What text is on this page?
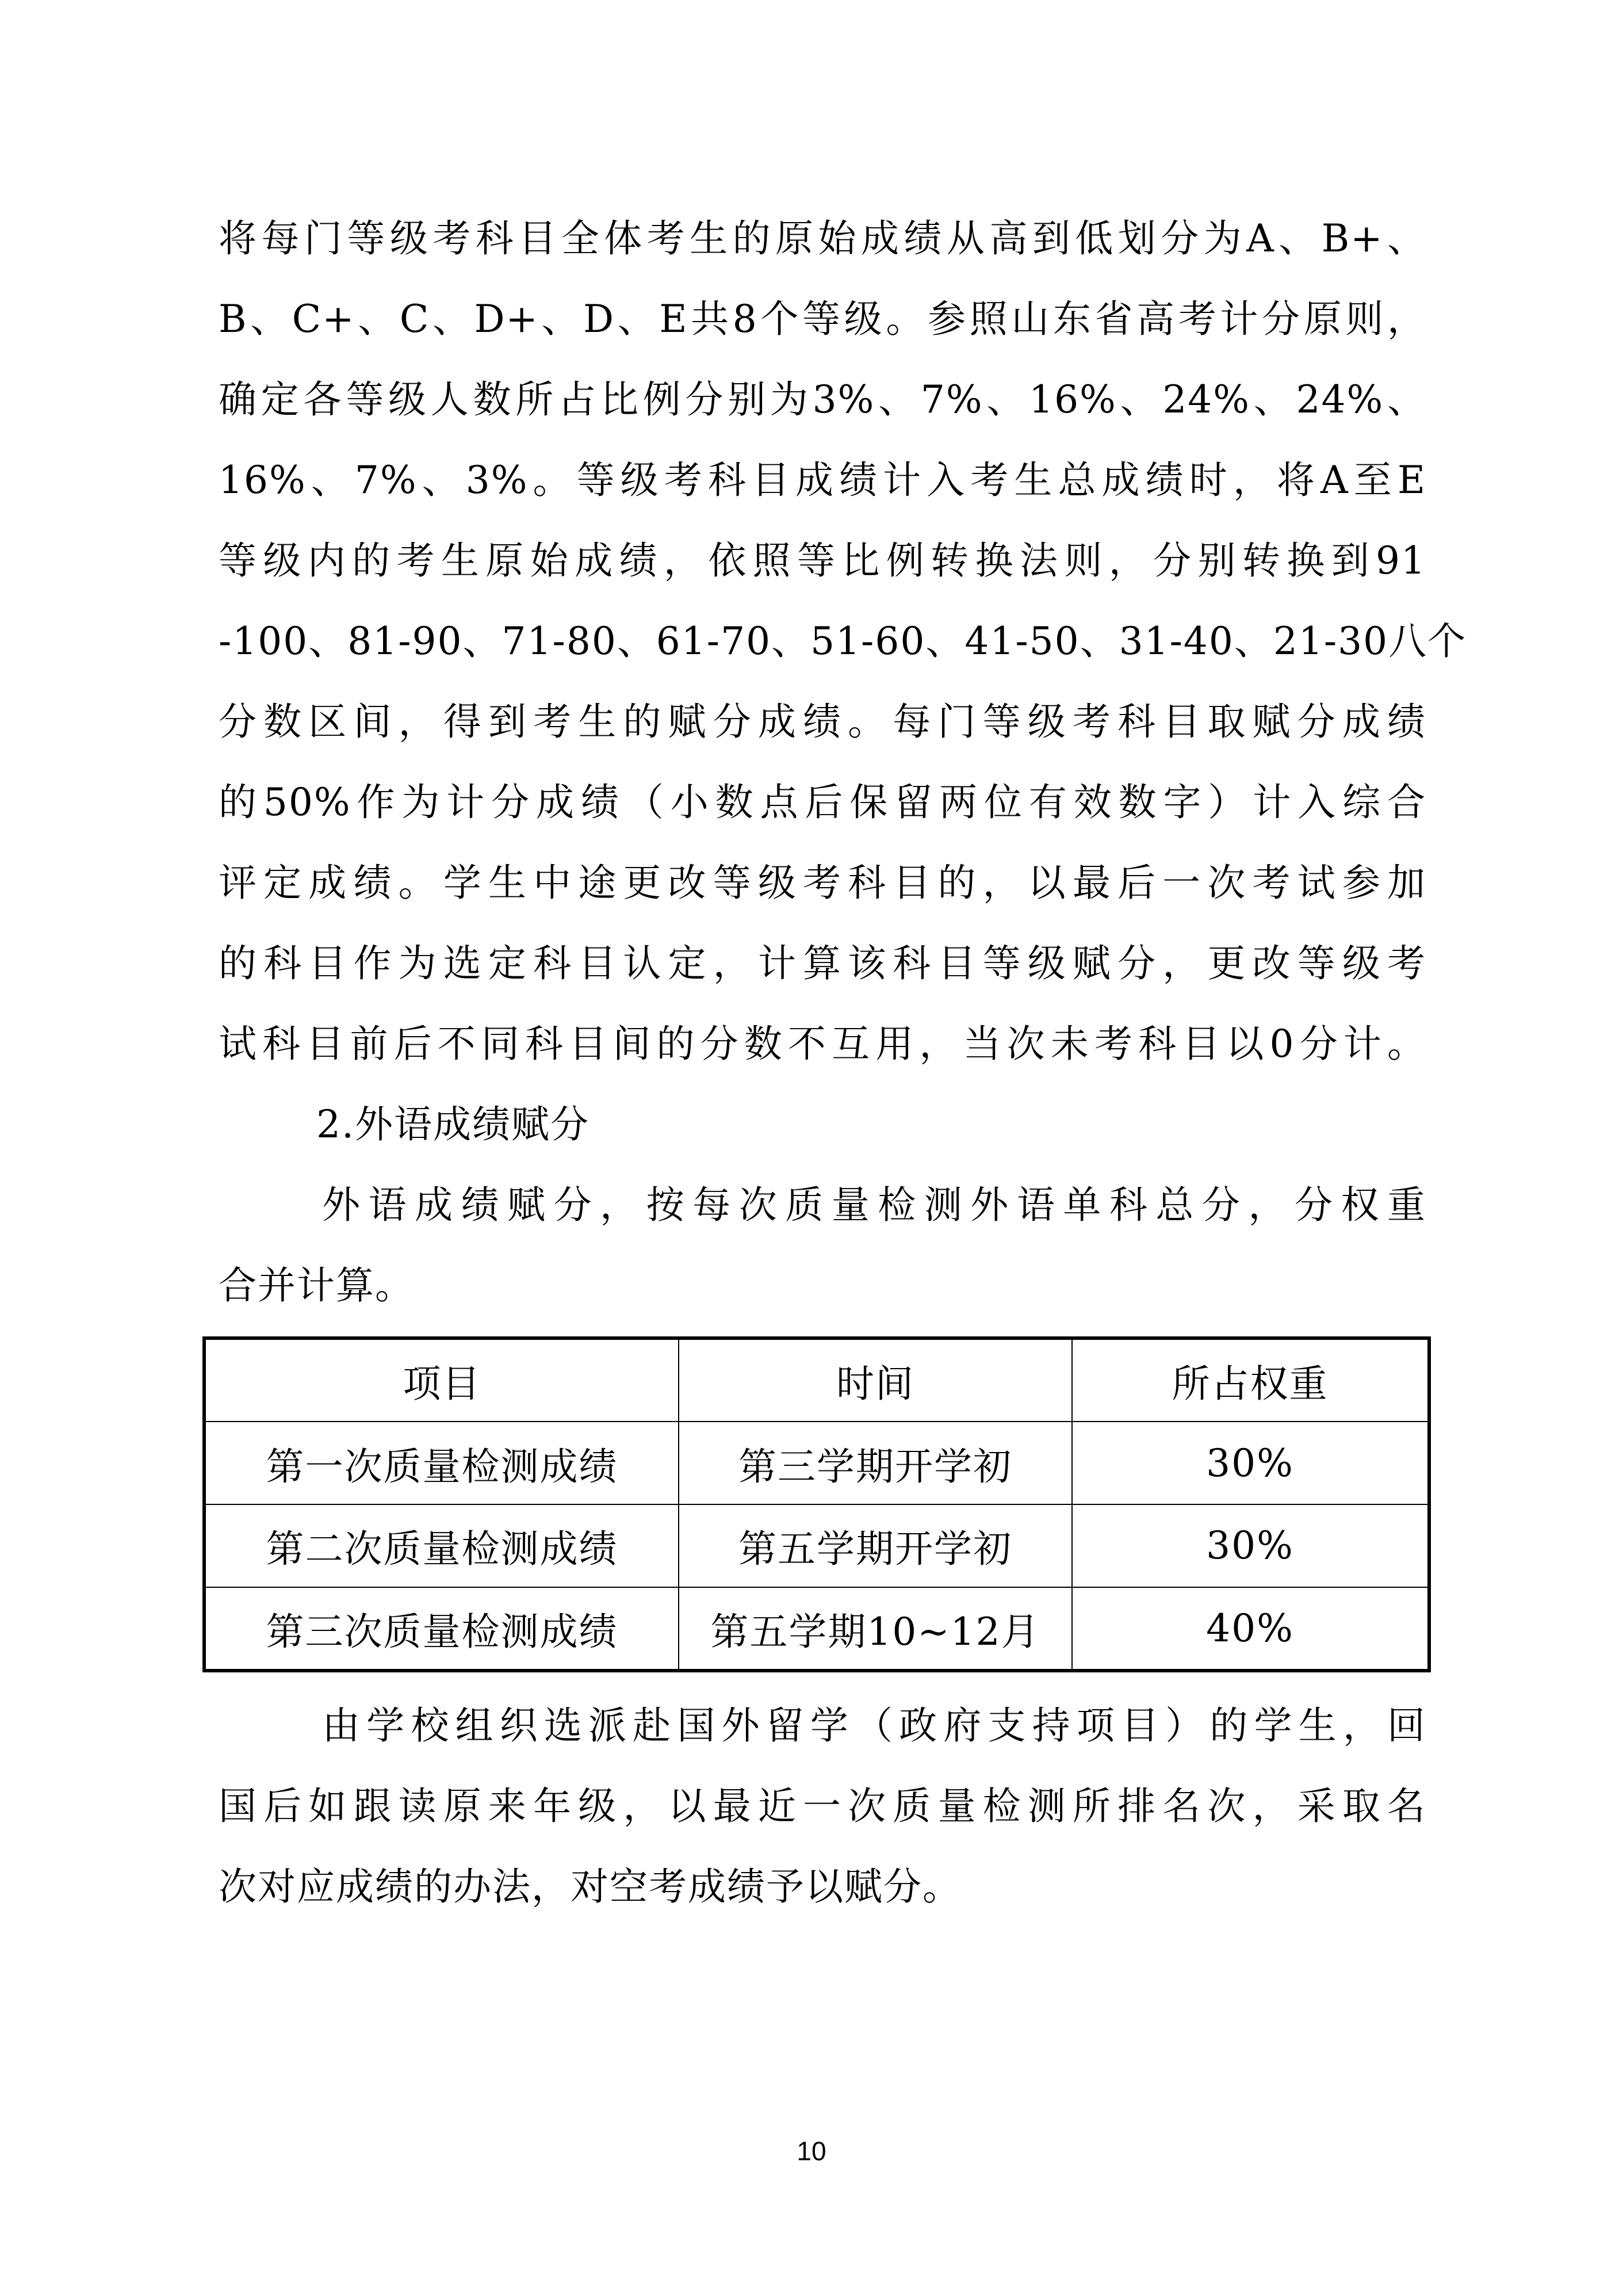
将每门等级考科目全体考生的原始成绩从高到低划分为A、B+、
B、C+、C、D+、D、E共8个等级。参照山东省高考计分原则，
确定各等级人数所占比例分别为3%、7%、16%、24%、24%、
16%、7%、3%。等级考科目成绩计入考生总成绩时，将A至E
等级内的考生原始成绩，依照等比例转换法则，分别转换到91
-100、81-90、71-80、61-70、51-60、41-50、31-40、21-30八个
分数区间，得到考生的赋分成绩。每门等级考科目取赋分成绩
的50%作为计分成绩（小数点后保留两位有效数字）计入综合
评定成绩。学生中途更改等级考科目的，以最后一次考试参加
的科目作为选定科目认定，计算该科目等级赋分，更改等级考
试科目前后不同科目间的分数不互用，当次未考科目以0分计。
2.外语成绩赋分
外语成绩赋分，按每次质量检测外语单科总分，分权重
合并计算。
项目	时间	所占权重
第一次质量检测成绩	第三学期开学初	30%
第二次质量检测成绩	第五学期开学初	30%
第三次质量检测成绩	第五学期10~12月	40%
由学校组织选派赴国外留学（政府支持项目）的学生，回
国后如跟读原来年级，以最近一次质量检测所排名次，采取名
次对应成绩的办法，对空考成绩予以赋分。
10
